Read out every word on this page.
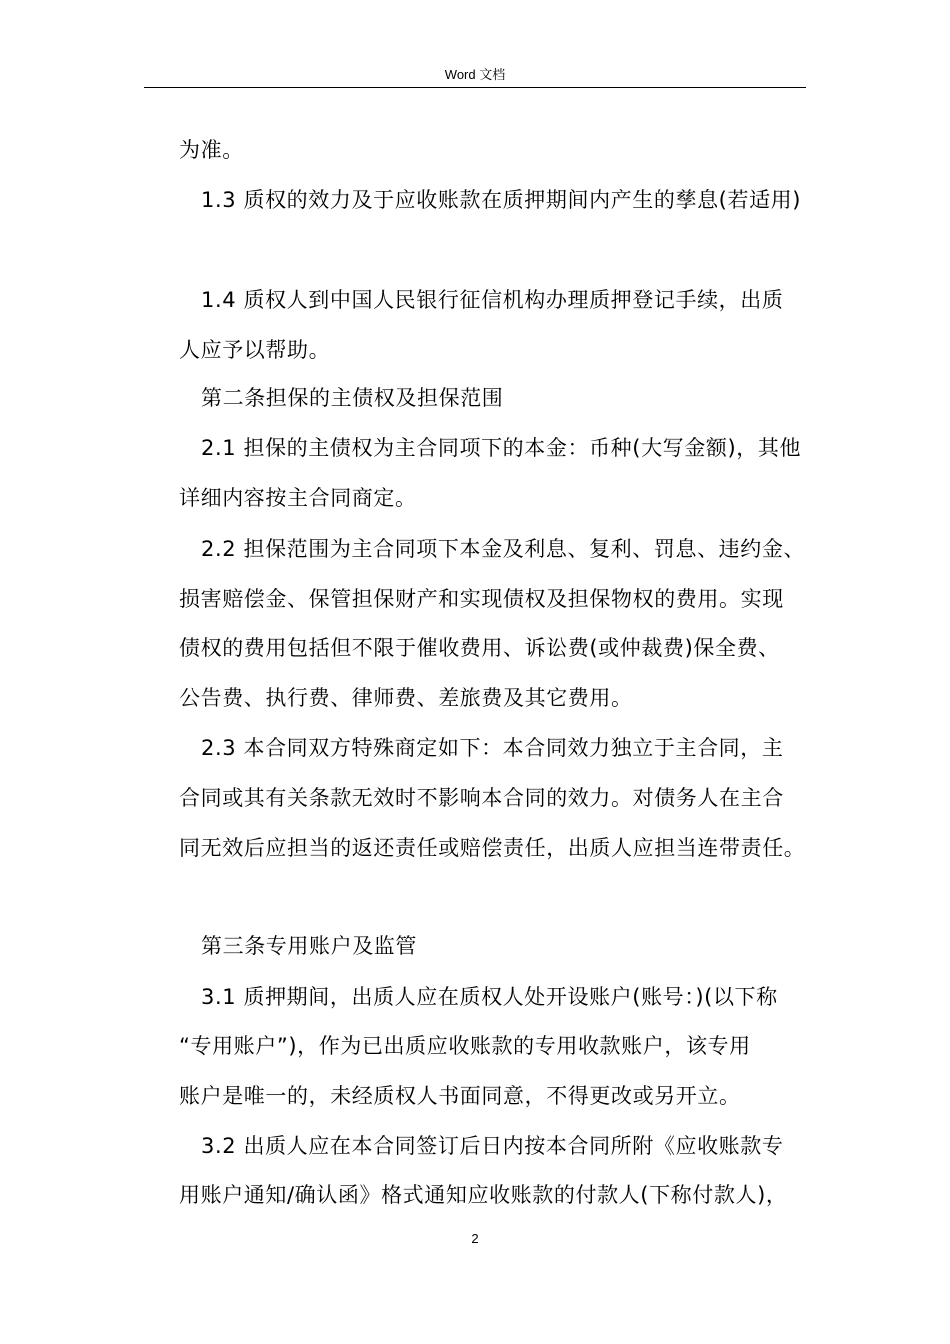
Word 文档
为准。
1.3 质权的效力及于应收账款在质押期间内产生的孳息(若适用)
1.4 质权人到中国人民银行征信机构办理质押登记手续，出质
人应予以帮助。
第二条担保的主债权及担保范围
2.1 担保的主债权为主合同项下的本金：币种(大写金额)，其他
详细内容按主合同商定。
2.2 担保范围为主合同项下本金及利息、复利、罚息、违约金、
损害赔偿金、保管担保财产和实现债权及担保物权的费用。实现
债权的费用包括但不限于催收费用、诉讼费(或仲裁费)保全费、
公告费、执行费、律师费、差旅费及其它费用。
2.3 本合同双方特殊商定如下：本合同效力独立于主合同，主
合同或其有关条款无效时不影响本合同的效力。对债务人在主合
同无效后应担当的返还责任或赔偿责任，出质人应担当连带责任。
第三条专用账户及监管
3.1 质押期间，出质人应在质权人处开设账户(账号：)(以下称
“专用账户”)，作为已出质应收账款的专用收款账户，该专用
账户是唯一的，未经质权人书面同意，不得更改或另开立。
3.2 出质人应在本合同签订后日内按本合同所附《应收账款专
用账户通知/确认函》格式通知应收账款的付款人(下称付款人)，
2
